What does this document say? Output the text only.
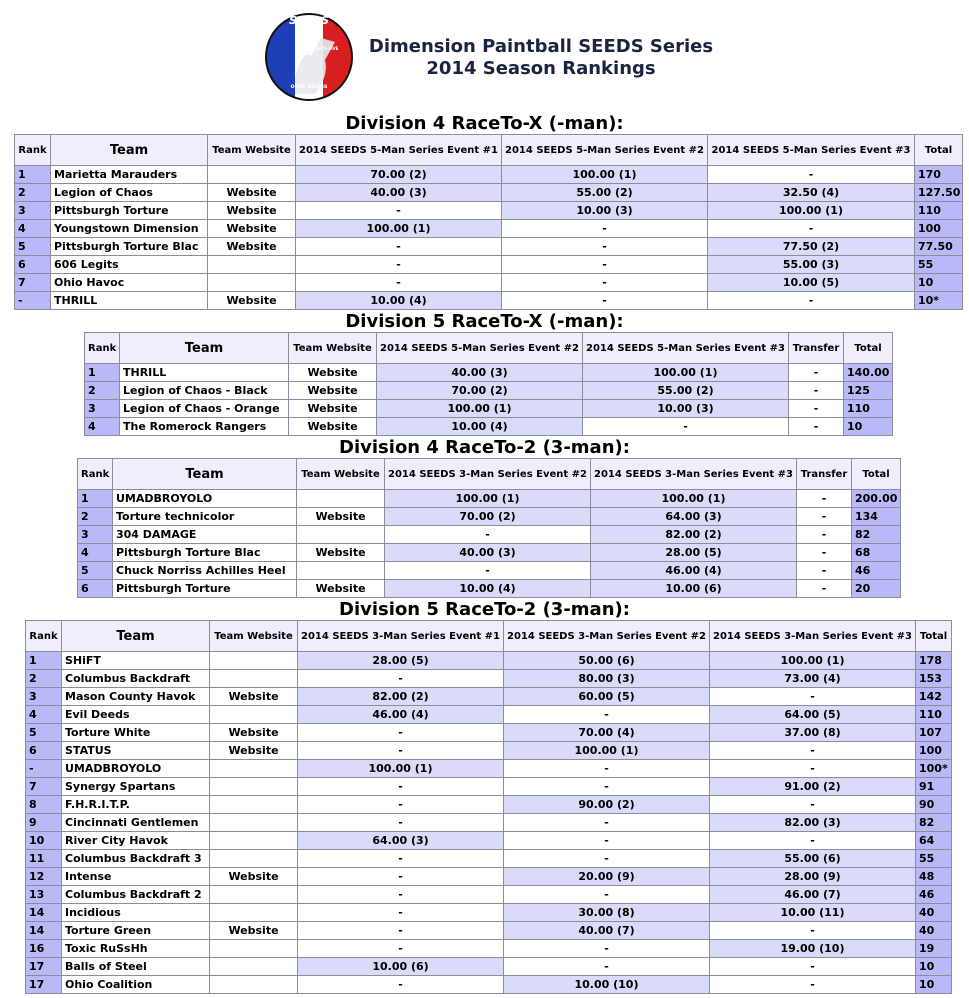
SEEDS
RACE-TO-FIVE
ohio series
Dimension Paintball SEEDS Series
2014 Season Rankings
Division 4 RaceTo-X (-man):
Rank	Team	Team Website	2014 SEEDS 5-Man Series Event #1	2014 SEEDS 5-Man Series Event #2	2014 SEEDS 5-Man Series Event #3	Total
1	Marietta Marauders		70.00 (2)	100.00 (1)	-	170
2	Legion of Chaos	Website	40.00 (3)	55.00 (2)	32.50 (4)	127.50
3	Pittsburgh Torture	Website	-	10.00 (3)	100.00 (1)	110
4	Youngstown Dimension	Website	100.00 (1)	-	-	100
5	Pittsburgh Torture Blac	Website	-	-	77.50 (2)	77.50
6	606 Legits		-	-	55.00 (3)	55
7	Ohio Havoc		-	-	10.00 (5)	10
-	THRILL	Website	10.00 (4)	-	-	10*
Division 5 RaceTo-X (-man):
Rank	Team	Team Website	2014 SEEDS 5-Man Series Event #2	2014 SEEDS 5-Man Series Event #3	Transfer	Total
1	THRILL	Website	40.00 (3)	100.00 (1)	-	140.00
2	Legion of Chaos - Black	Website	70.00 (2)	55.00 (2)	-	125
3	Legion of Chaos - Orange	Website	100.00 (1)	10.00 (3)	-	110
4	The Romerock Rangers	Website	10.00 (4)	-	-	10
Division 4 RaceTo-2 (3-man):
Rank	Team	Team Website	2014 SEEDS 3-Man Series Event #2	2014 SEEDS 3-Man Series Event #3	Transfer	Total
1	UMADBROYOLO		100.00 (1)	100.00 (1)	-	200.00
2	Torture technicolor	Website	70.00 (2)	64.00 (3)	-	134
3	304 DAMAGE		-	82.00 (2)	-	82
4	Pittsburgh Torture Blac	Website	40.00 (3)	28.00 (5)	-	68
5	Chuck Norriss Achilles Heel		-	46.00 (4)	-	46
6	Pittsburgh Torture	Website	10.00 (4)	10.00 (6)	-	20
Division 5 RaceTo-2 (3-man):
Rank	Team	Team Website	2014 SEEDS 3-Man Series Event #1	2014 SEEDS 3-Man Series Event #2	2014 SEEDS 3-Man Series Event #3	Total
1	SHiFT		28.00 (5)	50.00 (6)	100.00 (1)	178
2	Columbus Backdraft		-	80.00 (3)	73.00 (4)	153
3	Mason County Havok	Website	82.00 (2)	60.00 (5)	-	142
4	Evil Deeds		46.00 (4)	-	64.00 (5)	110
5	Torture White	Website	-	70.00 (4)	37.00 (8)	107
6	STATUS	Website	-	100.00 (1)	-	100
-	UMADBROYOLO		100.00 (1)	-	-	100*
7	Synergy Spartans		-	-	91.00 (2)	91
8	F.H.R.I.T.P.		-	90.00 (2)	-	90
9	Cincinnati Gentlemen		-	-	82.00 (3)	82
10	River City Havok		64.00 (3)	-	-	64
11	Columbus Backdraft 3		-	-	55.00 (6)	55
12	Intense	Website	-	20.00 (9)	28.00 (9)	48
13	Columbus Backdraft 2		-	-	46.00 (7)	46
14	Incidious		-	30.00 (8)	10.00 (11)	40
14	Torture Green	Website	-	40.00 (7)	-	40
16	Toxic RuSsHh		-	-	19.00 (10)	19
17	Balls of Steel		10.00 (6)	-	-	10
17	Ohio Coalition		-	10.00 (10)	-	10
